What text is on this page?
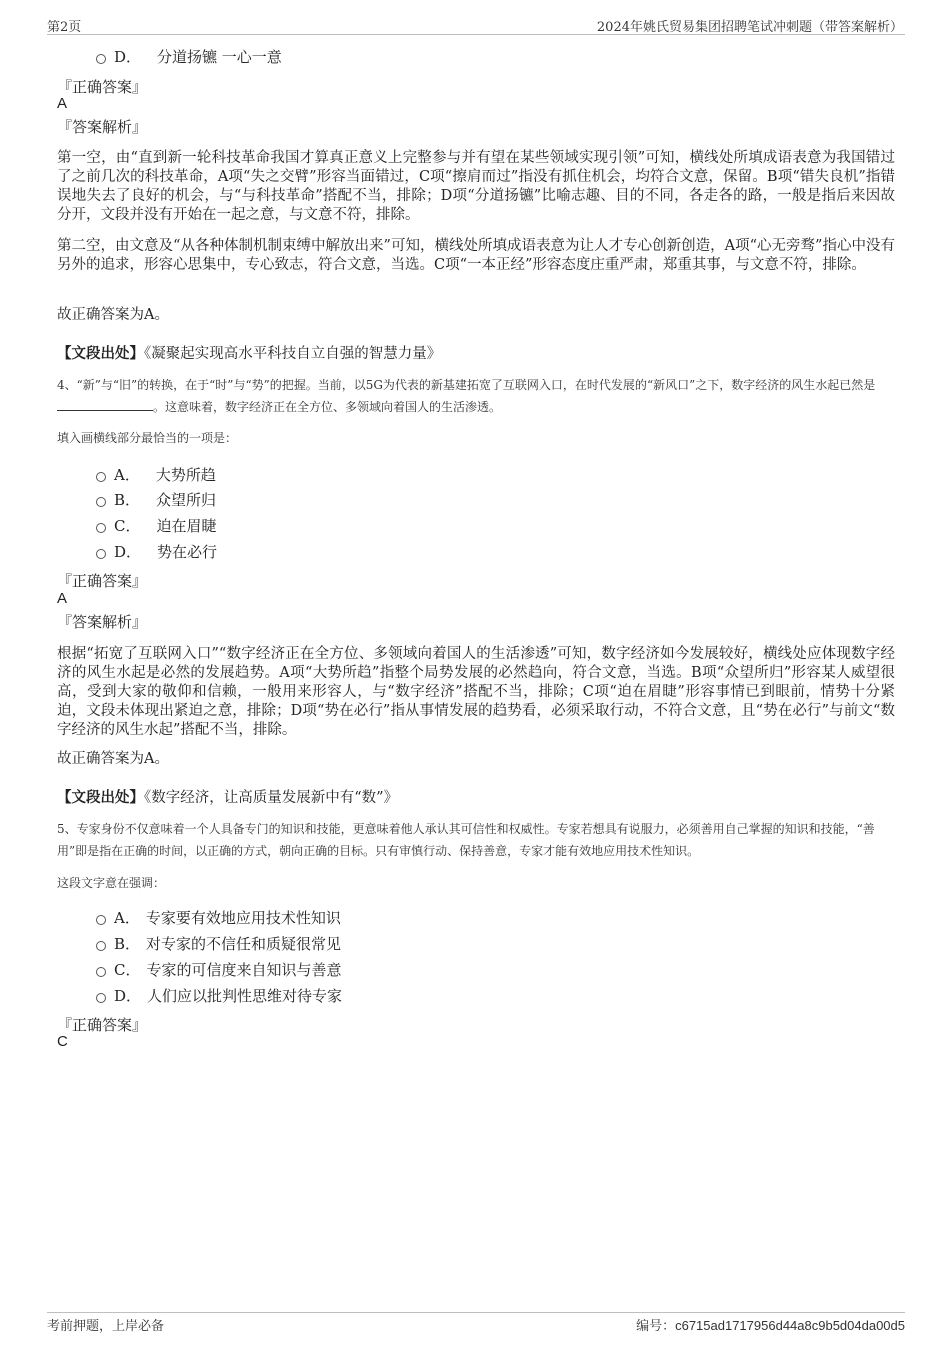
第2页	2024年姚氏贸易集团招聘笔试冲刺题（带答案解析）
D． 分道扬镳 一心一意
『正确答案』
A
『答案解析』
第一空，由“直到新一轮科技革命我国才算真正意义上完整参与并有望在某些领域实现引领”可知，横线处所填成语表意为我国错过了之前几次的科技革命，A项“失之交臂”形容当面错过，C项“擦肩而过”指没有抓住机会，均符合文意，保留。B项“错失良机”指错误地失去了良好的机会，与“与科技革命”搭配不当，排除；D项“分道扬镳”比喻志趣、目的不同，各走各的路，一般是指后来因故分开，文段并没有开始在一起之意，与文意不符，排除。
第二空，由文意及“从各种体制机制束缚中解放出来”可知，横线处所填成语表意为让人才专心创新创造，A项“心无旁骛”指心中没有另外的追求，形容心思集中，专心致志，符合文意，当选。C项“一本正经”形容态度庄重严肃，郑重其事，与文意不符，排除。
故正确答案为A。
【文段出处】《凝聚起实现高水平科技自立自强的智慧力量》
4、“新”与“旧”的转换，在于“时”与“势”的把握。当前，以5G为代表的新基建拓宽了互联网入口，在时代发展的“新风口”之下，数字经济的风生水起已然是。这意味着，数字经济正在全方位、多领域向着国人的生活渗透。
填入画横线部分最恰当的一项是：
A． 大势所趋
B． 众望所归
C． 迫在眉睫
D． 势在必行
『正确答案』
A
『答案解析』
根据“拓宽了互联网入口”“数字经济正在全方位、多领域向着国人的生活渗透”可知，数字经济如今发展较好，横线处应体现数字经济的风生水起是必然的发展趋势。A项“大势所趋”指整个局势发展的必然趋向，符合文意，当选。B项“众望所归”形容某人威望很高，受到大家的敬仰和信赖，一般用来形容人，与“数字经济”搭配不当，排除；C项“迫在眉睫”形容事情已到眼前，情势十分紧迫，文段未体现出紧迫之意，排除；D项“势在必行”指从事情发展的趋势看，必须采取行动，不符合文意，且“势在必行”与前文“数字经济的风生水起”搭配不当，排除。
故正确答案为A。
【文段出处】《数字经济，让高质量发展新中有“数”》
5、专家身份不仅意味着一个人具备专门的知识和技能，更意味着他人承认其可信性和权威性。专家若想具有说服力，必须善用自己掌握的知识和技能，“善用”即是指在正确的时间，以正确的方式，朝向正确的目标。只有审慎行动、保持善意，专家才能有效地应用技术性知识。
这段文字意在强调：
A． 专家要有效地应用技术性知识
B． 对专家的不信任和质疑很常见
C． 专家的可信度来自知识与善意
D． 人们应以批判性思维对待专家
『正确答案』
C
考前押题，上岸必备	编号：c6715ad1717956d44a8c9b5d04da00d5
